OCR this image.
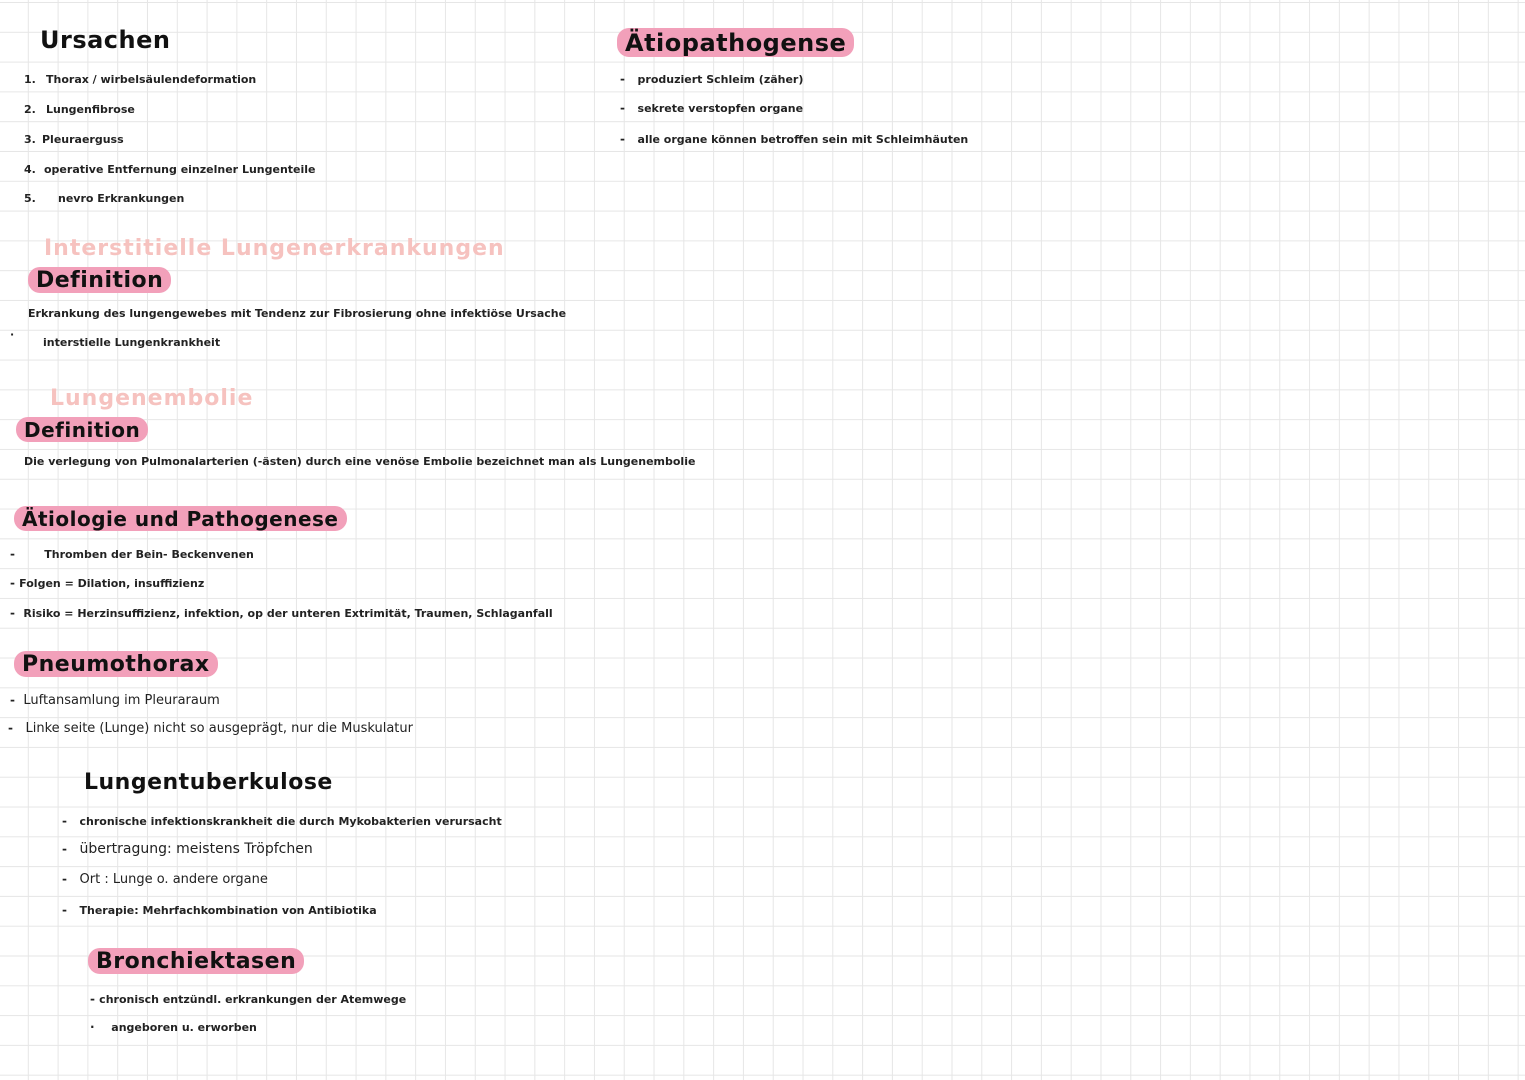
Ursachen
1. Thorax / wirbelsäulendeformation
2. Lungenfibrose
3. Pleuraerguss
4. operative Entfernung einzelner Lungenteile
5. nevro Erkrankungen
Ätiopathogense
-   produziert Schleim (zäher)
-   sekrete verstopfen organe
-   alle organe können betroffen sein mit Schleimhäuten
Interstitielle Lungenerkrankungen
Definition
Erkrankung des lungengewebes mit Tendenz zur Fibrosierung ohne infektiöse Ursache
·
interstielle Lungenkrankheit
Lungenembolie
Definition
Die verlegung von Pulmonalarterien (-ästen) durch eine venöse Embolie bezeichnet man als Lungenembolie
Ätiologie und Pathogenese
-       Thromben der Bein- Beckenvenen
- Folgen = Dilation, insuffizienz
-  Risiko = Herzinsuffizienz, infektion, op der unteren Extrimität, Traumen, Schlaganfall
Pneumothorax
-  Luftansamlung im Pleuraraum
-   Linke seite (Lunge) nicht so ausgeprägt, nur die Muskulatur
Lungentuberkulose
-   chronische infektionskrankheit die durch Mykobakterien verursacht
-   übertragung: meistens Tröpfchen
-   Ort : Lunge o. andere organe
-   Therapie: Mehrfachkombination von Antibiotika
Bronchiektasen
- chronisch entzündl. erkrankungen der Atemwege
·    angeboren u. erworben
